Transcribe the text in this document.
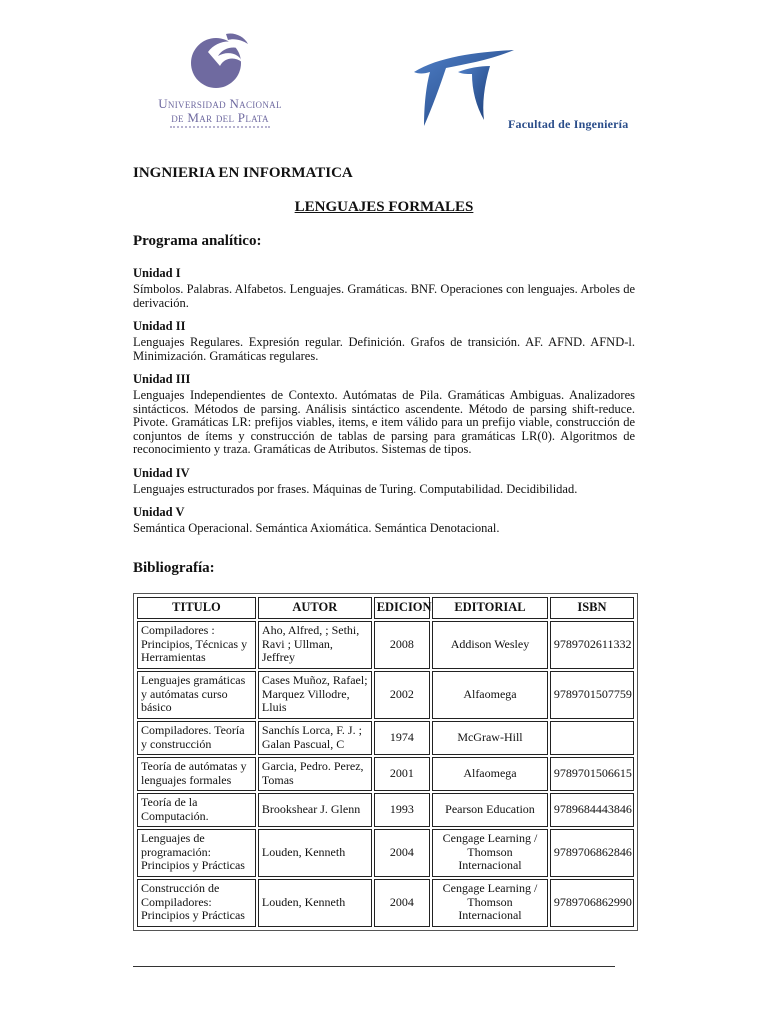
Universidad Nacional
de Mar del Plata	Facultad de Ingeniería
INGNIERIA EN INFORMATICA
LENGUAJES FORMALES
Programa analítico:

Unidad I

Símbolos. Palabras. Alfabetos. Lenguajes. Gramáticas. BNF. Operaciones con lenguajes. Arboles de derivación.

Unidad II

Lenguajes Regulares. Expresión regular. Definición. Grafos de transición. AF. AFND. AFND-l. Minimización. Gramáticas regulares.

Unidad III

Lenguajes Independientes de Contexto. Autómatas de Pila. Gramáticas Ambiguas. Analizadores sintácticos. Métodos de parsing. Análisis sintáctico ascendente. Método de parsing shift-reduce. Pivote. Gramáticas LR: prefijos viables, items, e item válido para un prefijo viable, construcción de conjuntos de ítems y construcción de tablas de parsing para gramáticas LR(0). Algoritmos de reconocimiento y traza. Gramáticas de Atributos. Sistemas de tipos.

Unidad IV

Lenguajes estructurados por frases. Máquinas de Turing. Computabilidad. Decidibilidad.

Unidad V

Semántica Operacional. Semántica Axiomática. Semántica Denotacional.

Bibliografía:
TITULO	AUTOR	EDICION	EDITORIAL	ISBN
Compiladores : Principios, Técnicas y Herramientas	Aho, Alfred, ; Sethi, Ravi ; Ullman, Jeffrey	2008	Addison Wesley	9789702611332
Lenguajes gramáticas y autómatas curso básico	Cases Muñoz, Rafael; Marquez Villodre, Lluis	2002	Alfaomega	9789701507759
Compiladores. Teoría y construcción	Sanchís Lorca, F. J. ; Galan Pascual, C	1974	McGraw-Hill	
Teoría de autómatas y lenguajes formales	Garcia, Pedro. Perez, Tomas	2001	Alfaomega	9789701506615
Teoría de la Computación.	Brookshear J. Glenn	1993	Pearson Education	9789684443846
Lenguajes de programación: Principios y Prácticas	Louden, Kenneth	2004	Cengage Learning / Thomson Internacional	9789706862846
Construcción de Compiladores: Principios y Prácticas	Louden, Kenneth	2004	Cengage Learning / Thomson Internacional	9789706862990
